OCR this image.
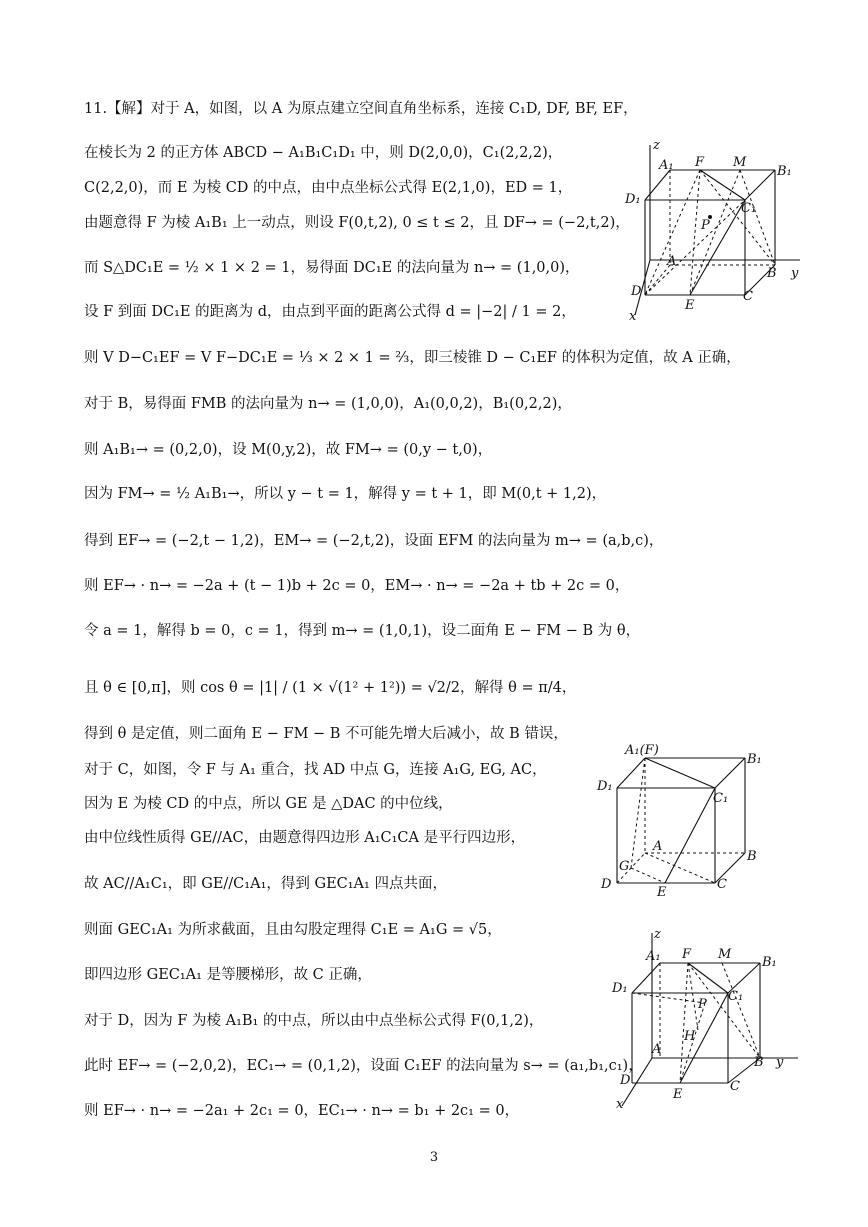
11.【解】对于 A，如图，以 A 为原点建立空间直角坐标系，连接 C₁D, DF, BF, EF，
在棱长为 2 的正方体 ABCD − A₁B₁C₁D₁ 中，则 D(2,0,0)，C₁(2,2,2)，
C(2,2,0)，而 E 为棱 CD 的中点，由中点坐标公式得 E(2,1,0)，ED = 1，
由题意得 F 为棱 A₁B₁ 上一动点，则设 F(0,t,2), 0 ≤ t ≤ 2，且 DF→ = (−2,t,2)，
而 S△DC₁E = ½ × 1 × 2 = 1，易得面 DC₁E 的法向量为 n→ = (1,0,0)，
设 F 到面 DC₁E 的距离为 d，由点到平面的距离公式得 d = |−2| / 1 = 2，
则 V D−C₁EF = V F−DC₁E = ⅓ × 2 × 1 = ⅔，即三棱锥 D − C₁EF 的体积为定值，故 A 正确，
对于 B，易得面 FMB 的法向量为 n→ = (1,0,0)，A₁(0,0,2)，B₁(0,2,2)，
则 A₁B₁→ = (0,2,0)，设 M(0,y,2)，故 FM→ = (0,y − t,0)，
因为 FM→ = ½ A₁B₁→，所以 y − t = 1，解得 y = t + 1，即 M(0,t + 1,2)，
得到 EF→ = (−2,t − 1,2)，EM→ = (−2,t,2)，设面 EFM 的法向量为 m→ = (a,b,c)，
则 EF→ · n→ = −2a + (t − 1)b + 2c = 0，EM→ · n→ = −2a + tb + 2c = 0，
令 a = 1，解得 b = 0，c = 1，得到 m→ = (1,0,1)，设二面角 E − FM − B 为 θ，
且 θ ∈ [0,π]，则 cos θ = |1| / (1 × √(1² + 1²)) = √2/2，解得 θ = π/4，
得到 θ 是定值，则二面角 E − FM − B 不可能先增大后减小，故 B 错误，
对于 C，如图，令 F 与 A₁ 重合，找 AD 中点 G，连接 A₁G, EG, AC，
因为 E 为棱 CD 的中点，所以 GE 是 △DAC 的中位线，
由中位线性质得 GE//AC，由题意得四边形 A₁C₁CA 是平行四边形，
故 AC//A₁C₁，即 GE//C₁A₁，得到 GEC₁A₁ 四点共面，
则面 GEC₁A₁ 为所求截面，且由勾股定理得 C₁E = A₁G = √5，
即四边形 GEC₁A₁ 是等腰梯形，故 C 正确，
对于 D，因为 F 为棱 A₁B₁ 的中点，所以由中点坐标公式得 F(0,1,2)，
此时 EF→ = (−2,0,2)，EC₁→ = (0,1,2)，设面 C₁EF 的法向量为 s→ = (a₁,b₁,c₁)，
则 EF→ · n→ = −2a₁ + 2c₁ = 0，EC₁→ · n→ = b₁ + 2c₁ = 0，
z
A₁ F M
B₁
D₁
C₁
P
A
B y
D
E
C
x
A₁(F)
B₁
D₁
C₁
A
B
G
D
E
C
z
A₁ F M
B₁
D₁
C₁
P
H
A
B y
D
E
C
x
3
